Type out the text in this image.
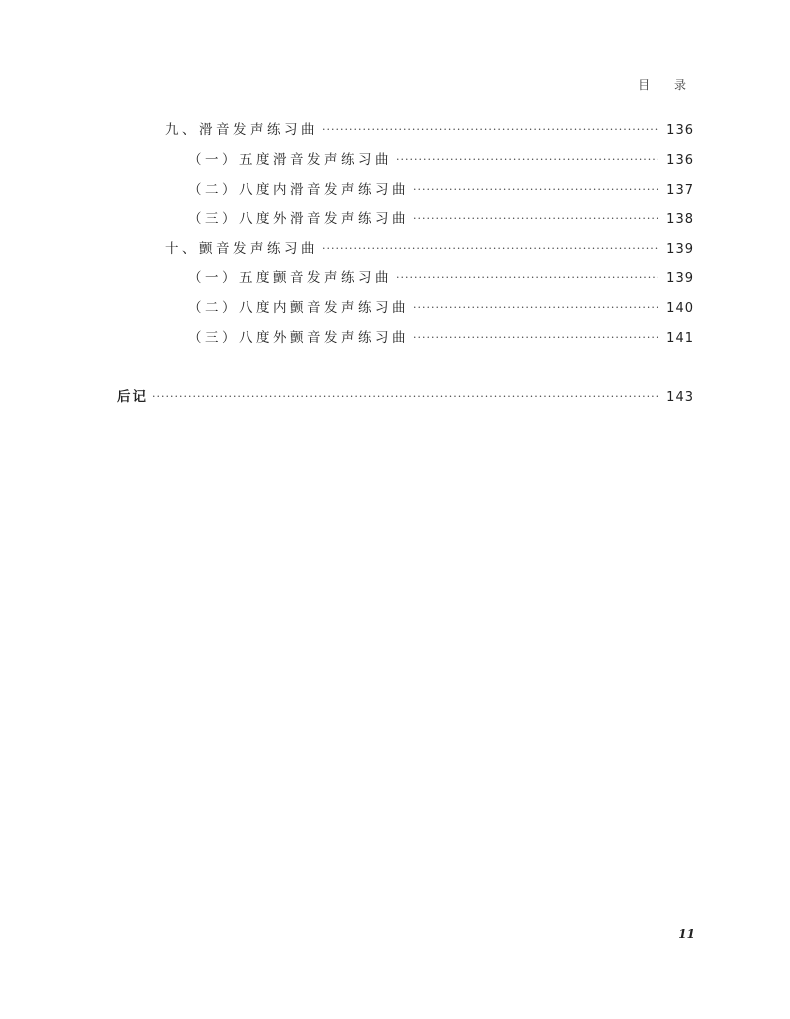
目 录
九、滑音发声练习曲 ·····	136
（一）五度滑音发声练习曲 ·····	136
（二）八度内滑音发声练习曲 ·····	137
（三）八度外滑音发声练习曲 ·····	138
十、颤音发声练习曲 ·····	139
（一）五度颤音发声练习曲 ·····	139
（二）八度内颤音发声练习曲 ·····	140
（三）八度外颤音发声练习曲 ·····	141
后记 ·····	143
11
